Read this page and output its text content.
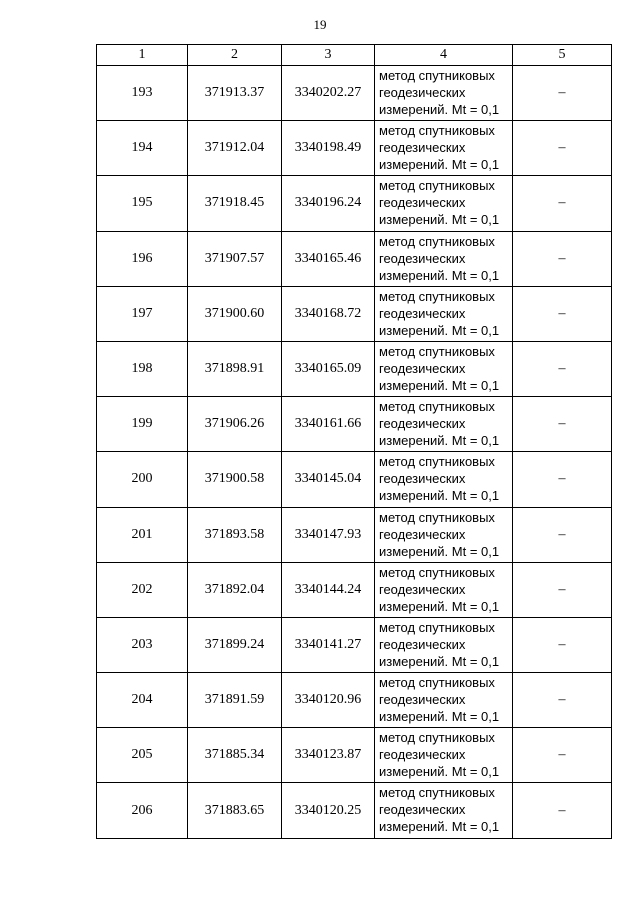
19
1	2	3	4	5
193	371913.37	3340202.27	метод спутниковых
геодезических
измерений. Mt = 0,1	–
194	371912.04	3340198.49	метод спутниковых
геодезических
измерений. Mt = 0,1	–
195	371918.45	3340196.24	метод спутниковых
геодезических
измерений. Mt = 0,1	–
196	371907.57	3340165.46	метод спутниковых
геодезических
измерений. Mt = 0,1	–
197	371900.60	3340168.72	метод спутниковых
геодезических
измерений. Mt = 0,1	–
198	371898.91	3340165.09	метод спутниковых
геодезических
измерений. Mt = 0,1	–
199	371906.26	3340161.66	метод спутниковых
геодезических
измерений. Mt = 0,1	–
200	371900.58	3340145.04	метод спутниковых
геодезических
измерений. Mt = 0,1	–
201	371893.58	3340147.93	метод спутниковых
геодезических
измерений. Mt = 0,1	–
202	371892.04	3340144.24	метод спутниковых
геодезических
измерений. Mt = 0,1	–
203	371899.24	3340141.27	метод спутниковых
геодезических
измерений. Mt = 0,1	–
204	371891.59	3340120.96	метод спутниковых
геодезических
измерений. Mt = 0,1	–
205	371885.34	3340123.87	метод спутниковых
геодезических
измерений. Mt = 0,1	–
206	371883.65	3340120.25	метод спутниковых
геодезических
измерений. Mt = 0,1	–
